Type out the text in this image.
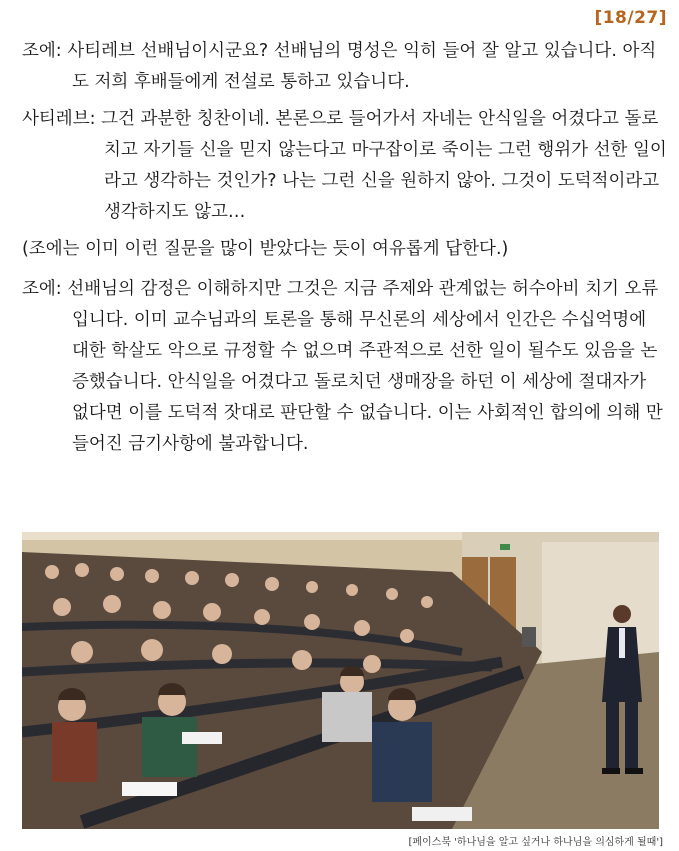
[18/27]

조에: 사티레브 선배님이시군요? 선배님의 명성은 익히 들어 잘 알고 있습니다. 아직도 저희 후배들에게 전설로 통하고 있습니다.

사티레브: 그건 과분한 칭찬이네. 본론으로 들어가서 자네는 안식일을 어겼다고 돌로치고 자기들 신을 믿지 않는다고 마구잡이로 죽이는 그런 행위가 선한 일이라고 생각하는 것인가? 나는 그런 신을 원하지 않아. 그것이 도덕적이라고 생각하지도 않고…

(조에는 이미 이런 질문을 많이 받았다는 듯이 여유롭게 답한다.)

조에: 선배님의 감정은 이해하지만 그것은 지금 주제와 관계없는 허수아비 치기 오류입니다. 이미 교수님과의 토론을 통해 무신론의 세상에서 인간은 수십억명에 대한 학살도 악으로 규정할 수 없으며 주관적으로 선한 일이 될수도 있음을 논증했습니다. 안식일을 어겼다고 돌로치던 생매장을 하던 이 세상에 절대자가 없다면 이를 도덕적 잣대로 판단할 수 없습니다. 이는 사회적인 합의에 의해 만들어진 금기사항에 불과합니다.

[페이스북 '하나님을 알고 싶거나 하나님을 의심하게 될때']
